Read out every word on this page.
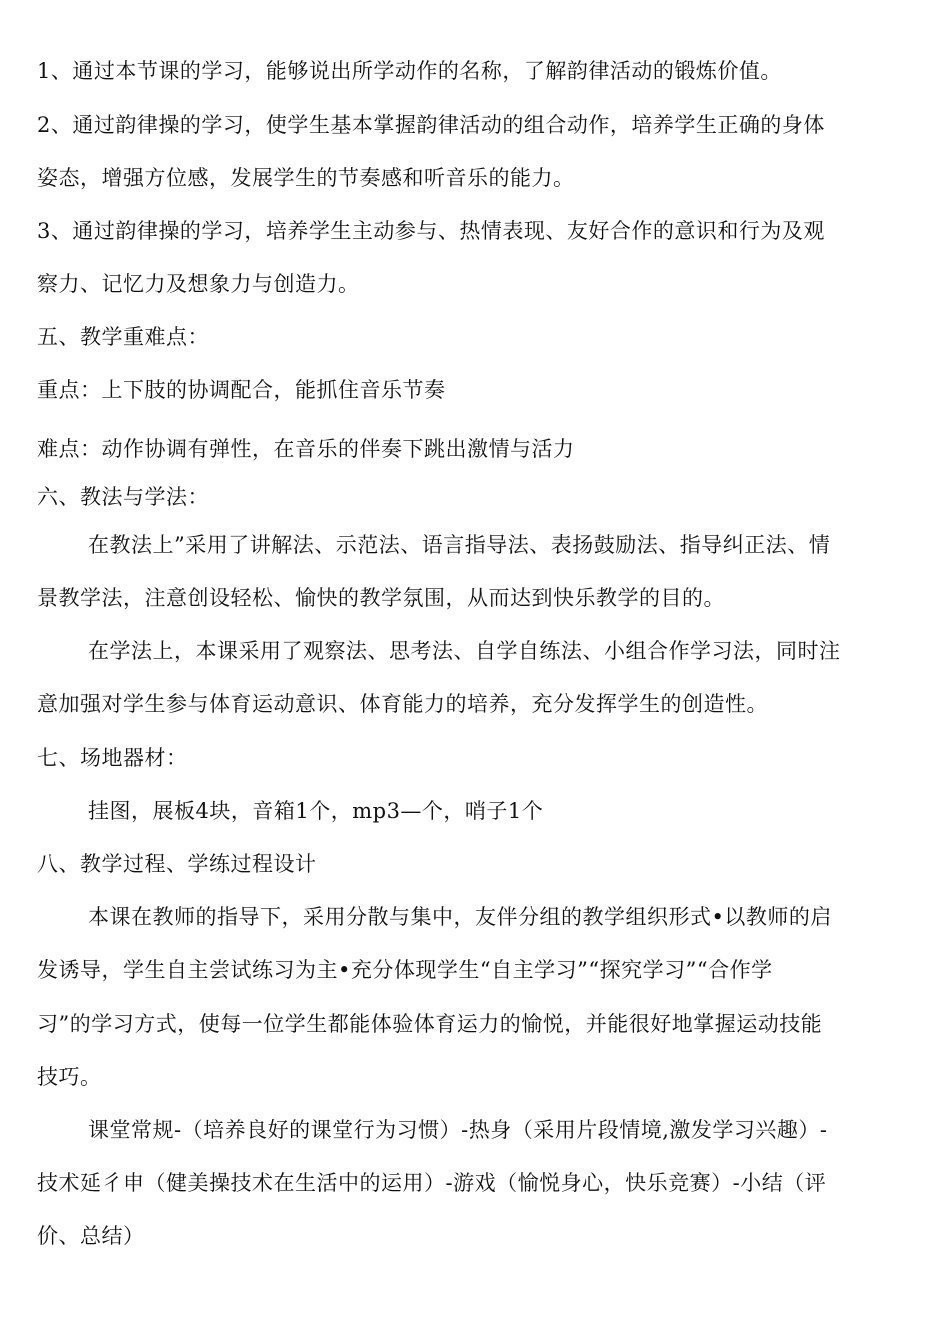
1、通过本节课的学习，能够说出所学动作的名称，了解韵律活动的锻炼价值。
2、通过韵律操的学习，使学生基本掌握韵律活动的组合动作，培养学生正确的身体
姿态，增强方位感，发展学生的节奏感和听音乐的能力。
3、通过韵律操的学习，培养学生主动参与、热情表现、友好合作的意识和行为及观
察力、记忆力及想象力与创造力。
五、教学重难点：
重点：上下肢的协调配合，能抓住音乐节奏
难点：动作协调有弹性，在音乐的伴奏下跳出激情与活力
六、教法与学法：
在教法上”采用了讲解法、示范法、语言指导法、表扬鼓励法、指导纠正法、情
景教学法，注意创设轻松、愉快的教学氛围，从而达到快乐教学的目的。
在学法上，本课采用了观察法、思考法、自学自练法、小组合作学习法，同时注
意加强对学生参与体育运动意识、体育能力的培养，充分发挥学生的创造性。
七、场地器材：
挂图，展板4块，音箱1个，mp3—个，哨子1个
八、教学过程、学练过程设计
本课在教师的指导下，采用分散与集中，友伴分组的教学组织形式•以教师的启
发诱导，学生自主尝试练习为主•充分体现学生“自主学习”“探究学习”“合作学
习”的学习方式，使每一位学生都能体验体育运力的愉悦，并能很好地掌握运动技能
技巧。
课堂常规-（培养良好的课堂行为习惯）-热身（采用片段情境,激发学习兴趣）-
技术延彳申（健美操技术在生活中的运用）-游戏（愉悦身心，快乐竞赛）-小结（评
价、总结）
